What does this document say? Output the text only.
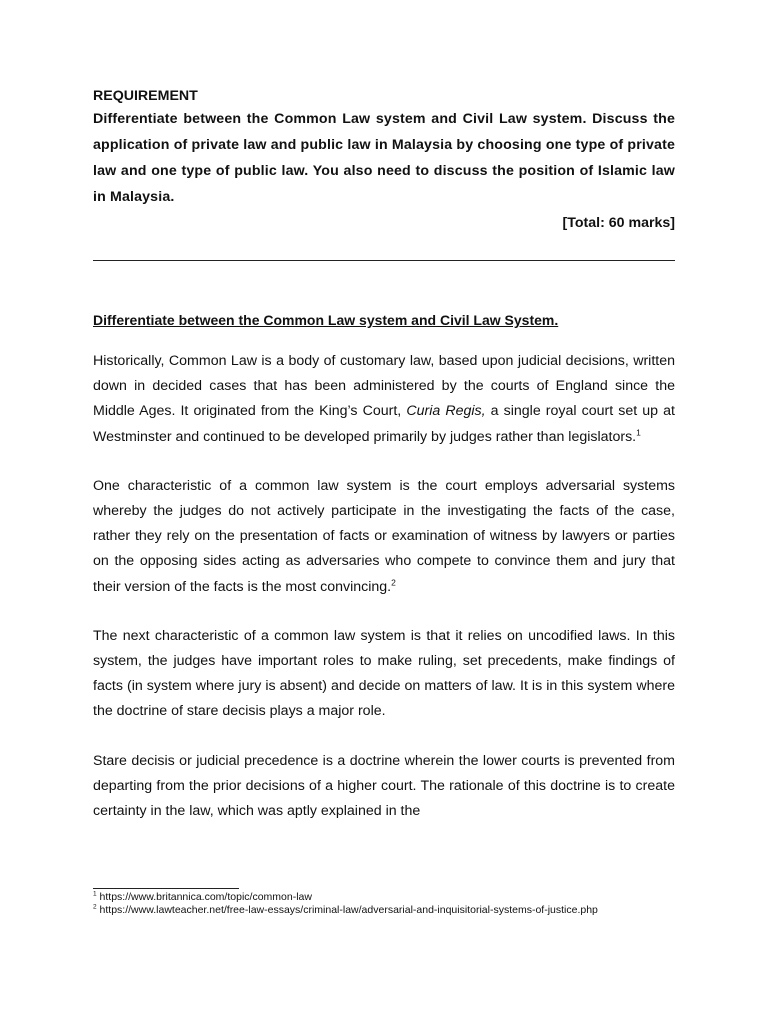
REQUIREMENT

Differentiate between the Common Law system and Civil Law system. Discuss the application of private law and public law in Malaysia by choosing one type of private law and one type of public law. You also need to discuss the position of Islamic law in Malaysia.

[Total: 60 marks]

Differentiate between the Common Law system and Civil Law System.

Historically, Common Law is a body of customary law, based upon judicial decisions, written down in decided cases that has been administered by the courts of England since the Middle Ages. It originated from the King’s Court, Curia Regis, a single royal court set up at Westminster and continued to be developed primarily by judges rather than legislators.$^1$

One characteristic of a common law system is the court employs adversarial systems whereby the judges do not actively participate in the investigating the facts of the case, rather they rely on the presentation of facts or examination of witness by lawyers or parties on the opposing sides acting as adversaries who compete to convince them and jury that their version of the facts is the most convincing.$^2$

The next characteristic of a common law system is that it relies on uncodified laws. In this system, the judges have important roles to make ruling, set precedents, make findings of facts (in system where jury is absent) and decide on matters of law. It is in this system where the doctrine of stare decisis plays a major role.

Stare decisis or judicial precedence is a doctrine wherein the lower courts is prevented from departing from the prior decisions of a higher court. The rationale of this doctrine is to create certainty in the law, which was aptly explained in the

$^1$ https://www.britannica.com/topic/common-law

$^2$ https://www.lawteacher.net/free-law-essays/criminal-law/adversarial-and-inquisitorial-systems-of-justice.php
